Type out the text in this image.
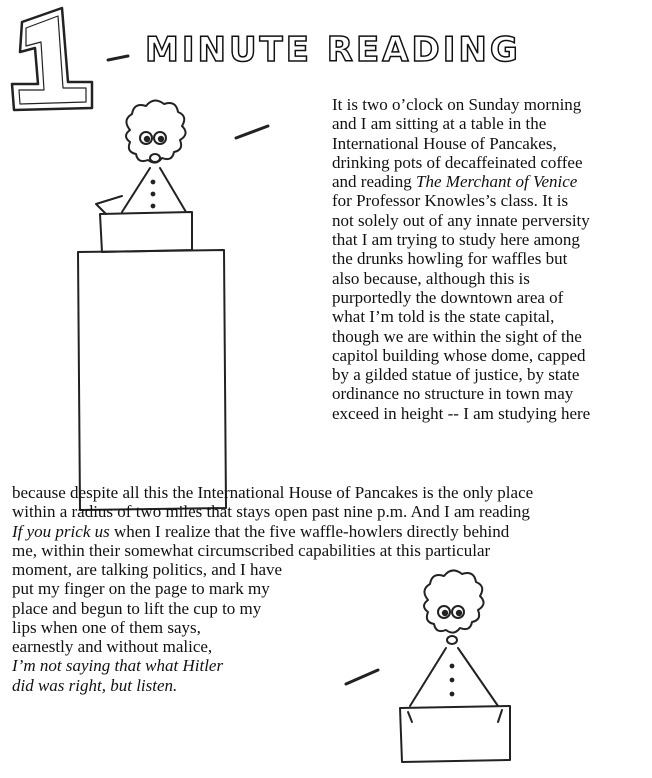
MINUTE READING

It is two o’clock on Sunday morning

and I am sitting at a table in the

International House of Pancakes,

drinking pots of decaffeinated coffee

and reading The Merchant of Venice

for Professor Knowles’s class. It is

not solely out of any innate perversity

that I am trying to study here among

the drunks howling for waffles but

also because, although this is

purportedly the downtown area of

what I’m told is the state capital,

though we are within the sight of the

capitol building whose dome, capped

by a gilded statue of justice, by state

ordinance no structure in town may

exceed in height -- I am studying here

because despite all this the International House of Pancakes is the only place

within a radius of two miles that stays open past nine p.m. And I am reading

If you prick us when I realize that the five waffle-howlers directly behind

me, within their somewhat circumscribed capabilities at this particular

moment, are talking politics, and I have

put my finger on the page to mark my

place and begun to lift the cup to my

lips when one of them says,

earnestly and without malice,

I’m not saying that what Hitler

did was right, but listen.
